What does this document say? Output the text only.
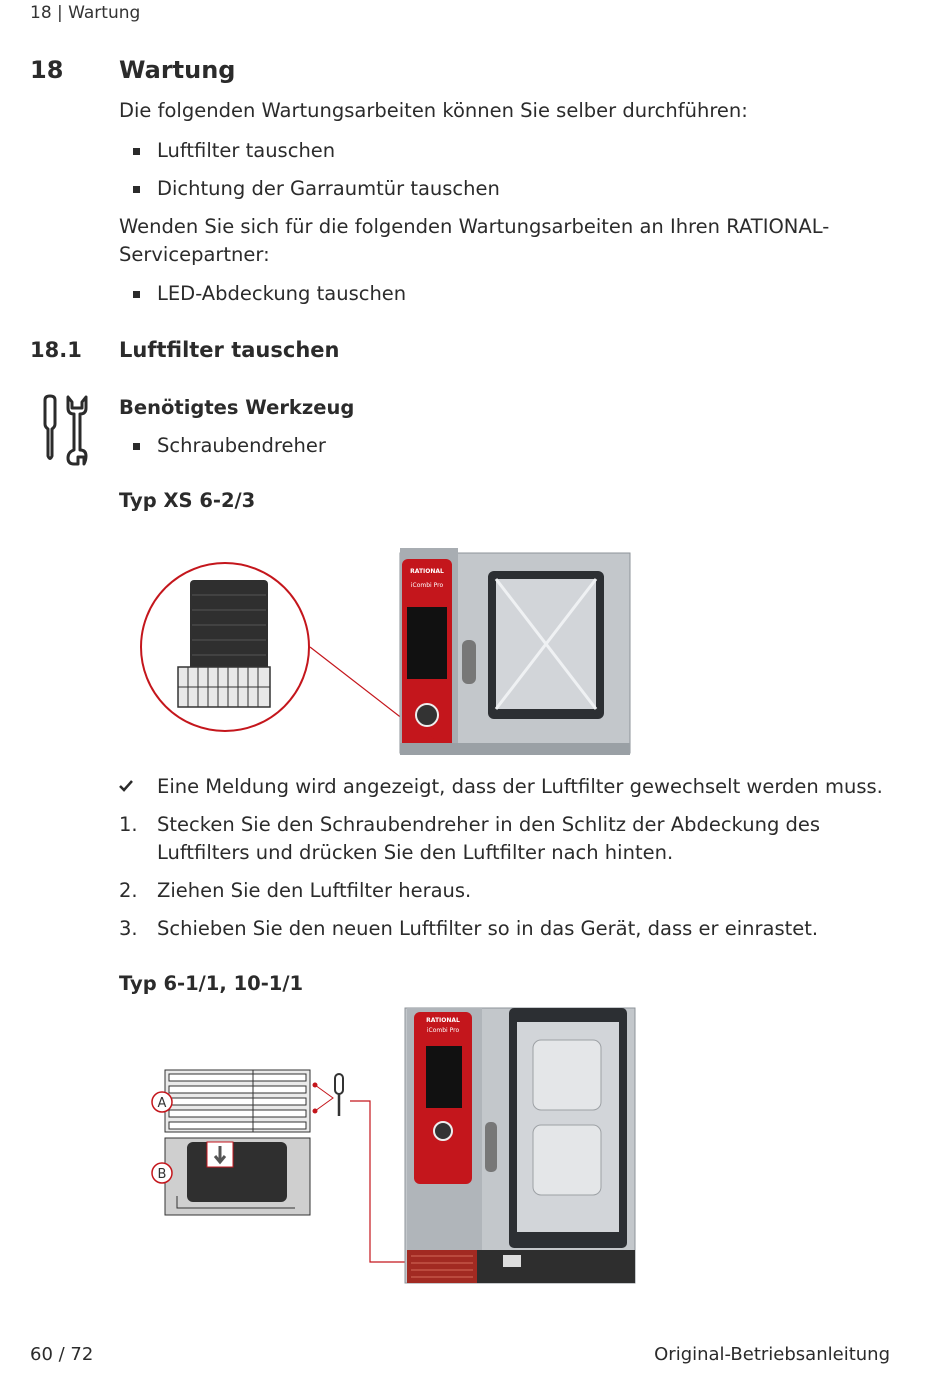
18 | Wartung
18 Wartung
Die folgenden Wartungsarbeiten können Sie selber durchführen:
Luftfilter tauschen
Dichtung der Garraumtür tauschen
Wenden Sie sich für die folgenden Wartungsarbeiten an Ihren RATIONAL-Servicepartner:
LED-Abdeckung tauschen
18.1 Luftfilter tauschen
Benötigtes Werkzeug
Schraubendreher
Typ XS 6-2/3
RATIONAL
iCombi Pro
Eine Meldung wird angezeigt, dass der Luftfilter gewechselt werden muss.
1. Stecken Sie den Schraubendreher in den Schlitz der Abdeckung des Luftfilters und drücken Sie den Luftfilter nach hinten.
2. Ziehen Sie den Luftfilter heraus.
3. Schieben Sie den neuen Luftfilter so in das Gerät, dass er einrastet.
Typ 6-1/1, 10-1/1
A
B
RATIONAL
iCombi Pro
60 / 72	Original-Betriebsanleitung
